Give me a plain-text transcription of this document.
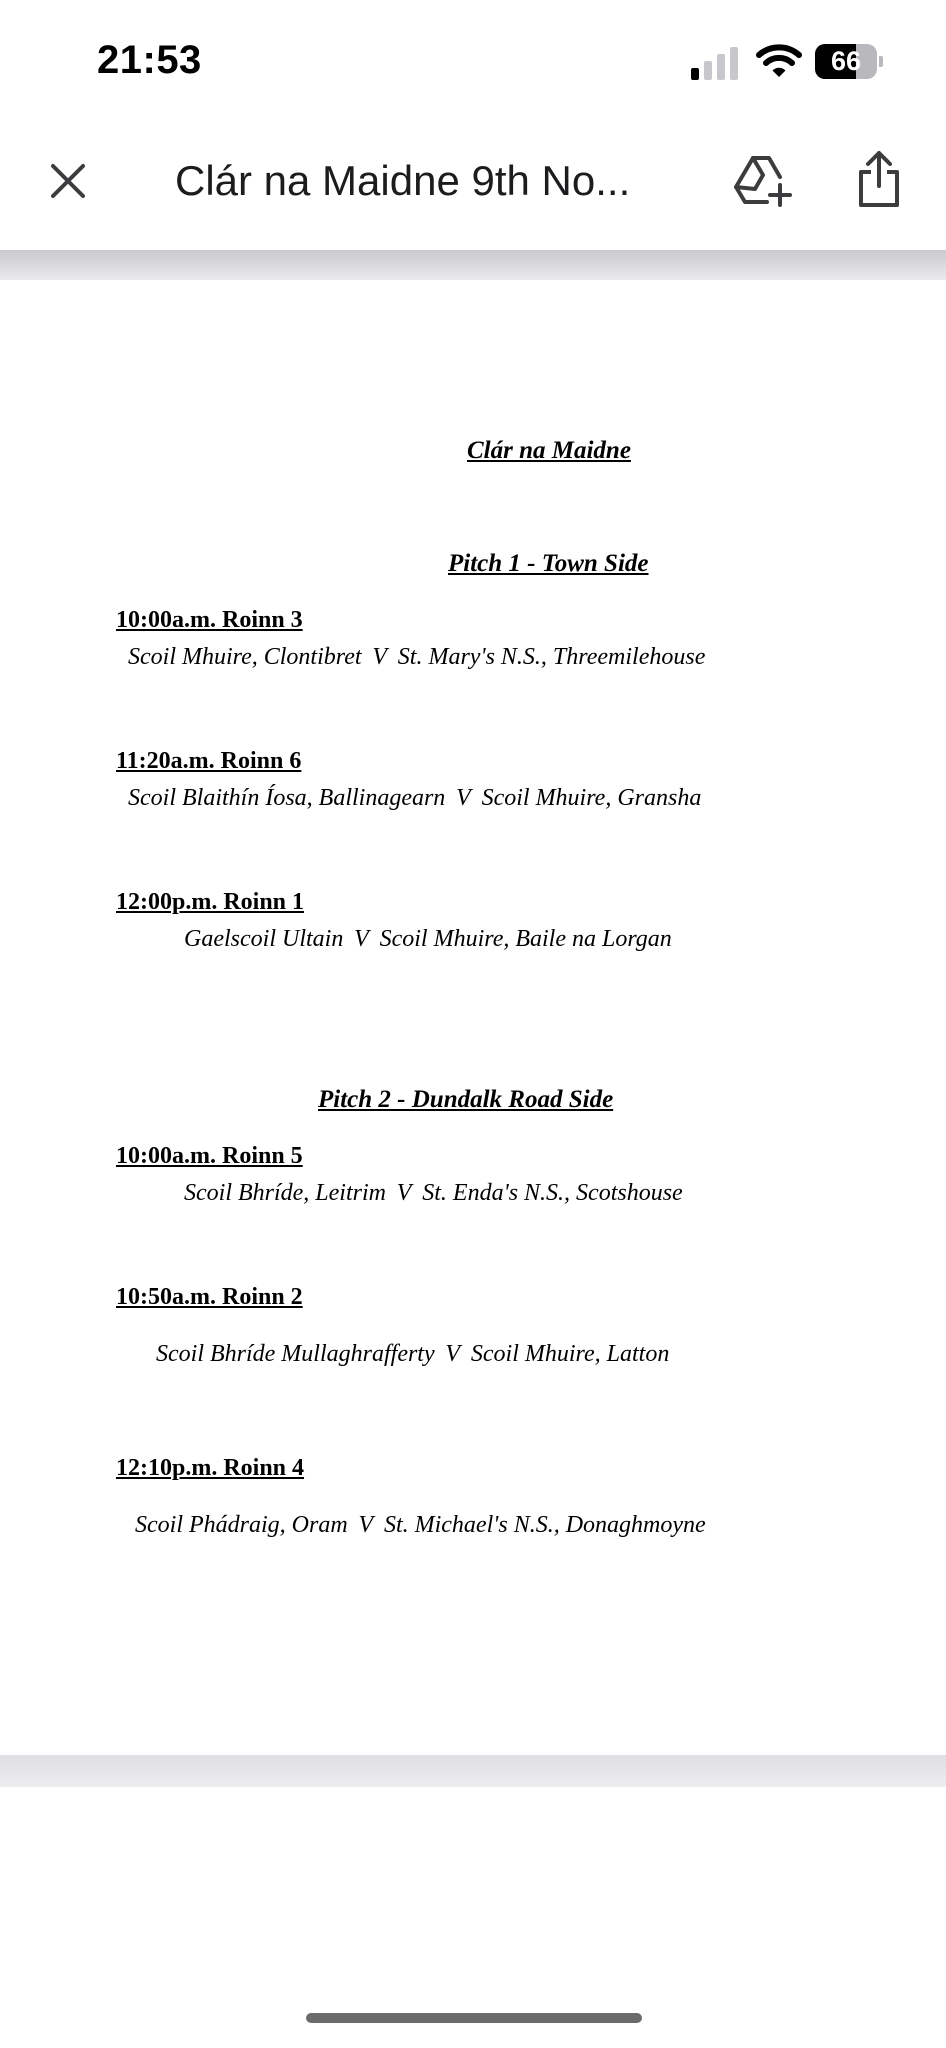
21:53	66
Clár na Maidne 9th No...
Clár na Maidne
Pitch 1 - Town Side
10:00a.m. Roinn 3
Scoil Mhuire, Clontibret V St. Mary's N.S., Threemilehouse
11:20a.m. Roinn 6
Scoil Blaithín Íosa, Ballinagearn V Scoil Mhuire, Gransha
12:00p.m. Roinn 1
Gaelscoil Ultain V Scoil Mhuire, Baile na Lorgan
Pitch 2 - Dundalk Road Side
10:00a.m. Roinn 5
Scoil Bhríde, Leitrim V St. Enda's N.S., Scotshouse
10:50a.m. Roinn 2
Scoil Bhríde Mullaghrafferty V Scoil Mhuire, Latton
12:10p.m. Roinn 4
Scoil Phádraig, Oram V St. Michael's N.S., Donaghmoyne
